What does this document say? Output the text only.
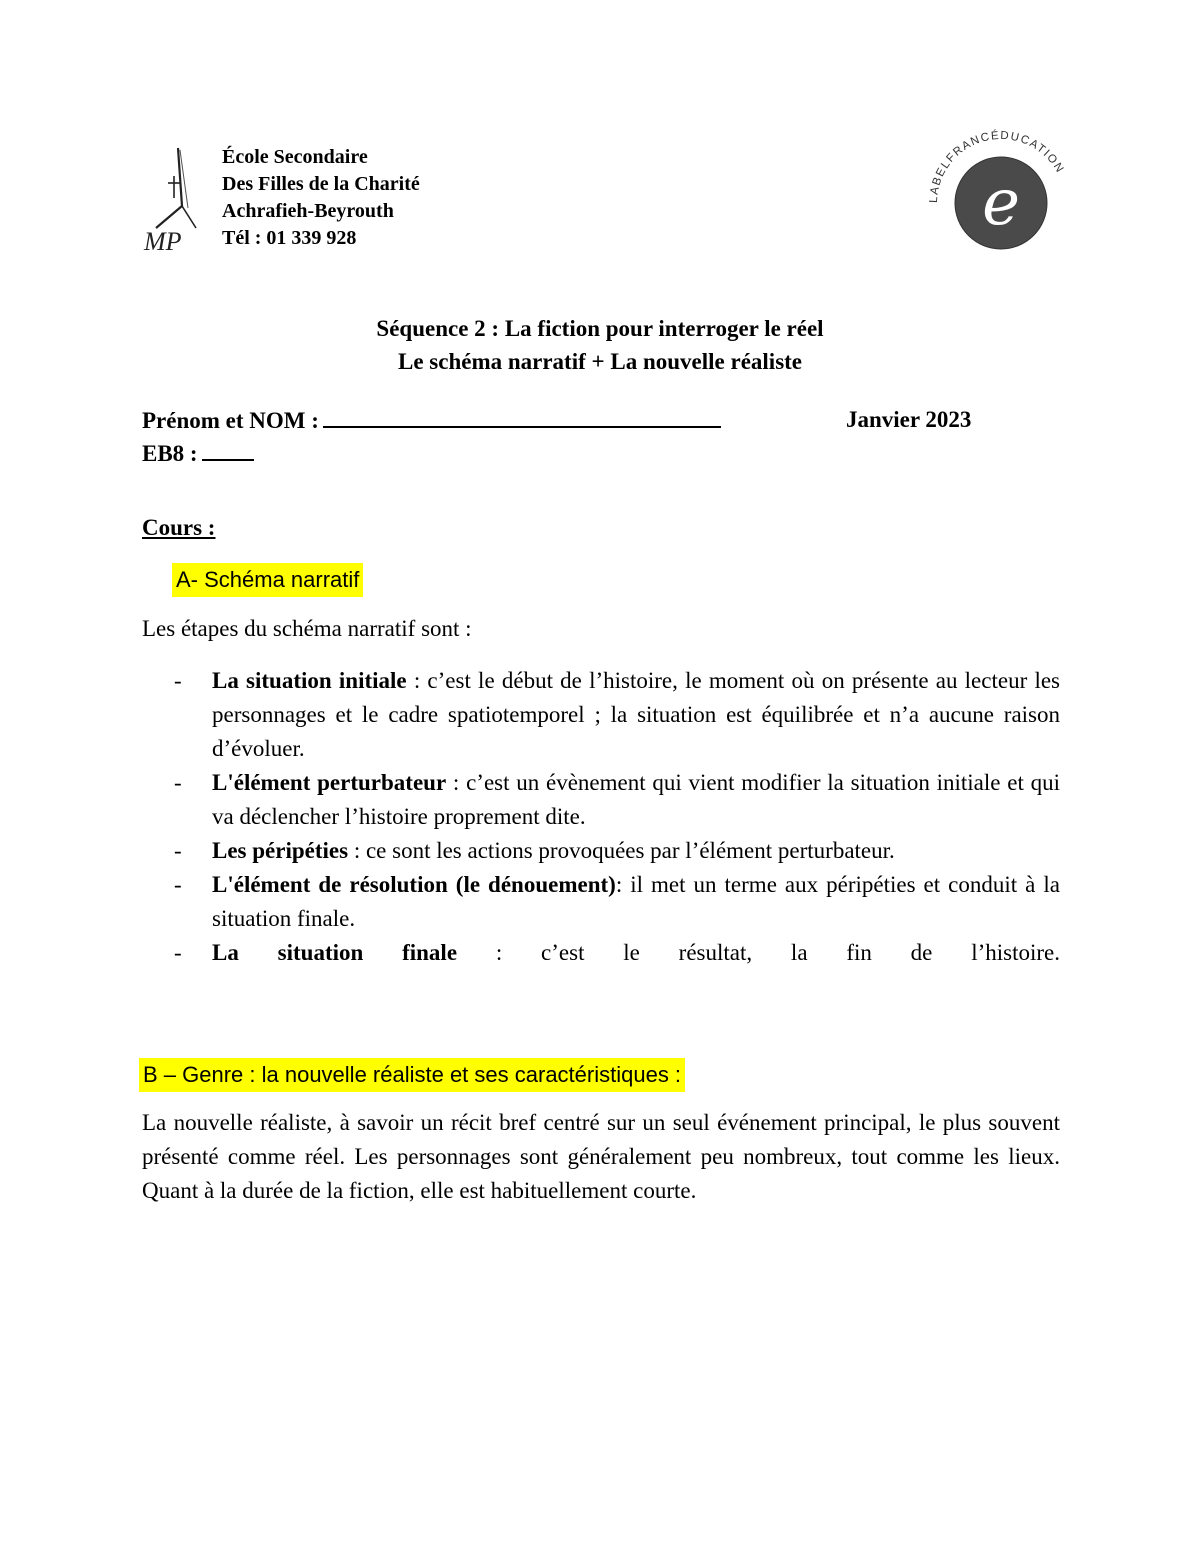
MP
École Secondaire
Des Filles de la Charité
Achrafieh-Beyrouth
Tél : 01 339 928	e
LABELFRANCÉDUCATION
Séquence 2 : La fiction pour interroger le réel
Le schéma narratif + La nouvelle réaliste
Prénom et NOM :
EB8 :
Janvier 2023
Cours :
A- Schéma narratif
Les étapes du schéma narratif sont :
- La situation initiale : c’est le début de l’histoire, le moment où on présente au lecteur les personnages et le cadre spatiotemporel ; la situation est équilibrée et n’a aucune raison d’évoluer.
- L'élément perturbateur : c’est un évènement qui vient modifier la situation initiale et qui va déclencher l’histoire proprement dite.
- Les péripéties : ce sont les actions provoquées par l’élément perturbateur.
- L'élément de résolution (le dénouement): il met un terme aux péripéties et conduit à la situation finale.
- La situation finale : c’est le résultat, la fin de l’histoire.
B – Genre : la nouvelle réaliste et ses caractéristiques :
La nouvelle réaliste, à savoir un récit bref centré sur un seul événement principal, le plus souvent présenté comme réel. Les personnages sont généralement peu nombreux, tout comme les lieux. Quant à la durée de la fiction, elle est habituellement courte.
